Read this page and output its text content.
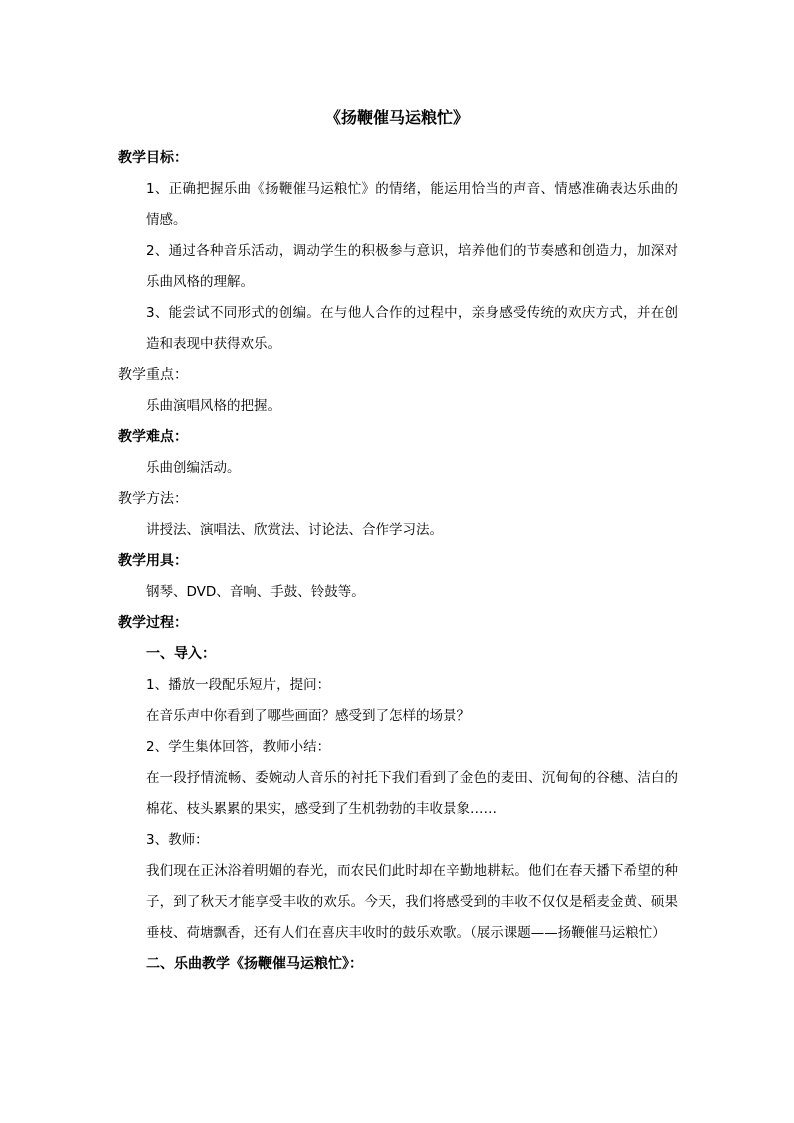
《扬鞭催马运粮忙》

教学目标：

1、正确把握乐曲《扬鞭催马运粮忙》的情绪，能运用恰当的声音、情感准确表达乐曲的情感。

2、通过各种音乐活动，调动学生的积极参与意识，培养他们的节奏感和创造力，加深对乐曲风格的理解。

3、能尝试不同形式的创编。在与他人合作的过程中，亲身感受传统的欢庆方式，并在创造和表现中获得欢乐。

教学重点：

乐曲演唱风格的把握。

教学难点：

乐曲创编活动。

教学方法：

讲授法、演唱法、欣赏法、讨论法、合作学习法。

教学用具：

钢琴、DVD、音响、手鼓、铃鼓等。

教学过程：

一、导入：

1、播放一段配乐短片，提问：

在音乐声中你看到了哪些画面？感受到了怎样的场景？

2、学生集体回答，教师小结：

在一段抒情流畅、委婉动人音乐的衬托下我们看到了金色的麦田、沉甸甸的谷穗、洁白的棉花、枝头累累的果实，感受到了生机勃勃的丰收景象……

3、教师：

我们现在正沐浴着明媚的春光，而农民们此时却在辛勤地耕耘。他们在春天播下希望的种子，到了秋天才能享受丰收的欢乐。今天，我们将感受到的丰收不仅仅是稻麦金黄、硕果垂枝、荷塘飘香，还有人们在喜庆丰收时的鼓乐欢歌。（展示课题——扬鞭催马运粮忙）

二、乐曲教学《扬鞭催马运粮忙》：
